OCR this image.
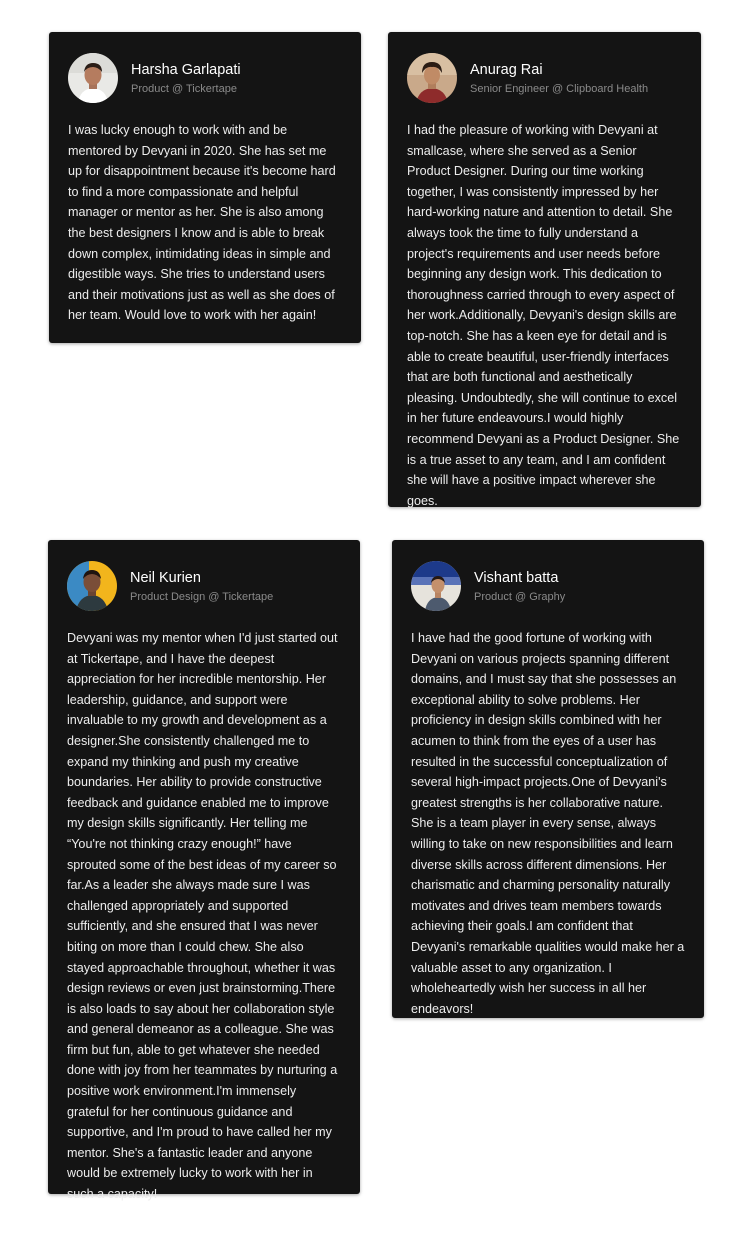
Harsha Garlapati
Product @ Tickertape

I was lucky enough to work with and be mentored by Devyani in 2020. She has set me up for disappointment because it's become hard to find a more compassionate and helpful manager or mentor as her. She is also among the best designers I know and is able to break down complex, intimidating ideas in simple and digestible ways. She tries to understand users and their motivations just as well as she does of her team. Would love to work with her again!

Anurag Rai
Senior Engineer @ Clipboard Health

I had the pleasure of working with Devyani at smallcase, where she served as a Senior Product Designer. During our time working together, I was consistently impressed by her hard-working nature and attention to detail. She always took the time to fully understand a project's requirements and user needs before beginning any design work. This dedication to thoroughness carried through to every aspect of her work.Additionally, Devyani's design skills are top-notch. She has a keen eye for detail and is able to create beautiful, user-friendly interfaces that are both functional and aesthetically pleasing. Undoubtedly, she will continue to excel in her future endeavours.I would highly recommend Devyani as a Product Designer. She is a true asset to any team, and I am confident she will have a positive impact wherever she goes.

Neil Kurien
Product Design @ Tickertape

Devyani was my mentor when I'd just started out at Tickertape, and I have the deepest appreciation for her incredible mentorship. Her leadership, guidance, and support were invaluable to my growth and development as a designer.She consistently challenged me to expand my thinking and push my creative boundaries. Her ability to provide constructive feedback and guidance enabled me to improve my design skills significantly. Her telling me “You're not thinking crazy enough!” have sprouted some of the best ideas of my career so far.As a leader she always made sure I was challenged appropriately and supported sufficiently, and she ensured that I was never biting on more than I could chew. She also stayed approachable throughout, whether it was design reviews or even just brainstorming.There is also loads to say about her collaboration style and general demeanor as a colleague. She was firm but fun, able to get whatever she needed done with joy from her teammates by nurturing a positive work environment.I'm immensely grateful for her continuous guidance and supportive, and I'm proud to have called her my mentor. She's a fantastic leader and anyone would be extremely lucky to work with her in such a capacity!

Vishant batta
Product @ Graphy

I have had the good fortune of working with Devyani on various projects spanning different domains, and I must say that she possesses an exceptional ability to solve problems. Her proficiency in design skills combined with her acumen to think from the eyes of a user has resulted in the successful conceptualization of several high-impact projects.One of Devyani's greatest strengths is her collaborative nature. She is a team player in every sense, always willing to take on new responsibilities and learn diverse skills across different dimensions. Her charismatic and charming personality naturally motivates and drives team members towards achieving their goals.I am confident that Devyani's remarkable qualities would make her a valuable asset to any organization. I wholeheartedly wish her success in all her endeavors!
